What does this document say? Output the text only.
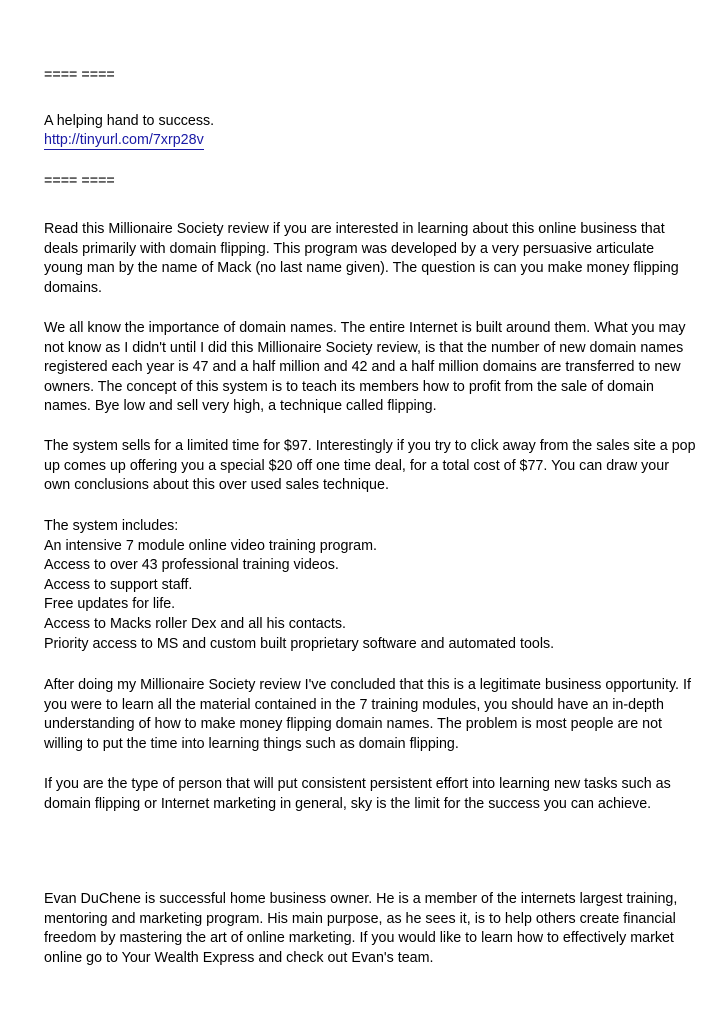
==== ====
A helping hand to success.
http://tinyurl.com/7xrp28v
==== ====

Read this Millionaire Society review if you are interested in learning about this online business that deals primarily with domain flipping. This program was developed by a very persuasive articulate young man by the name of Mack (no last name given). The question is can you make money flipping domains.

We all know the importance of domain names. The entire Internet is built around them. What you may not know as I didn't until I did this Millionaire Society review, is that the number of new domain names registered each year is 47 and a half million and 42 and a half million domains are transferred to new owners. The concept of this system is to teach its members how to profit from the sale of domain names. Bye low and sell very high, a technique called flipping.

The system sells for a limited time for $97. Interestingly if you try to click away from the sales site a pop up comes up offering you a special $20 off one time deal, for a total cost of $77. You can draw your own conclusions about this over used sales technique.

The system includes:
An intensive 7 module online video training program.
Access to over 43 professional training videos.
Access to support staff.
Free updates for life.
Access to Macks roller Dex and all his contacts.
Priority access to MS and custom built proprietary software and automated tools.

After doing my Millionaire Society review I've concluded that this is a legitimate business opportunity. If you were to learn all the material contained in the 7 training modules, you should have an in-depth understanding of how to make money flipping domain names. The problem is most people are not willing to put the time into learning things such as domain flipping.

If you are the type of person that will put consistent persistent effort into learning new tasks such as domain flipping or Internet marketing in general, sky is the limit for the success you can achieve.

Evan DuChene is successful home business owner. He is a member of the internets largest training, mentoring and marketing program. His main purpose, as he sees it, is to help others create financial freedom by mastering the art of online marketing. If you would like to learn how to effectively market online go to Your Wealth Express and check out Evan's team.
